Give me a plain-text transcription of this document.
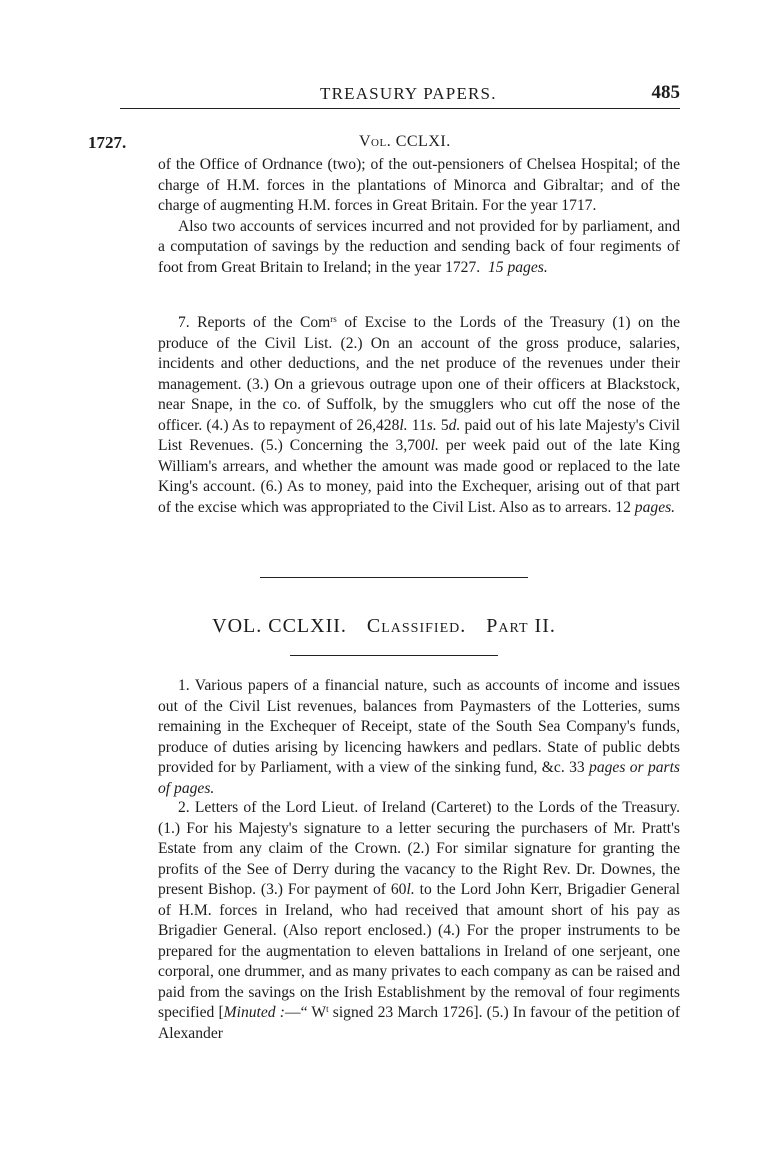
TREASURY PAPERS.	485
1727.	Vol. CCLXI.

of the Office of Ordnance (two); of the out-pensioners of Chelsea Hospital; of the charge of H.M. forces in the plantations of Minorca and Gibraltar; and of the charge of augmenting H.M. forces in Great Britain. For the year 1717.

Also two accounts of services incurred and not provided for by parliament, and a computation of savings by the reduction and sending back of four regiments of foot from Great Britain to Ireland; in the year 1727. 15 pages.

7. Reports of the Com$^{rs}$ of Excise to the Lords of the Treasury (1) on the produce of the Civil List. (2.) On an account of the gross produce, salaries, incidents and other deductions, and the net produce of the revenues under their management. (3.) On a grievous outrage upon one of their officers at Blackstock, near Snape, in the co. of Suffolk, by the smugglers who cut off the nose of the officer. (4.) As to repayment of 26,428l. 11s. 5d. paid out of his late Majesty's Civil List Revenues. (5.) Concerning the 3,700l. per week paid out of the late King William's arrears, and whether the amount was made good or replaced to the late King's account. (6.) As to money, paid into the Exchequer, arising out of that part of the excise which was appropriated to the Civil List. Also as to arrears. 12 pages.

VOL. CCLXII. Classified. Part II.

1. Various papers of a financial nature, such as accounts of income and issues out of the Civil List revenues, balances from Paymasters of the Lotteries, sums remaining in the Exchequer of Receipt, state of the South Sea Company's funds, produce of duties arising by licencing hawkers and pedlars. State of public debts provided for by Parliament, with a view of the sinking fund, &c. 33 pages or parts of pages.

2. Letters of the Lord Lieut. of Ireland (Carteret) to the Lords of the Treasury. (1.) For his Majesty's signature to a letter securing the purchasers of Mr. Pratt's Estate from any claim of the Crown. (2.) For similar signature for granting the profits of the See of Derry during the vacancy to the Right Rev. Dr. Downes, the present Bishop. (3.) For payment of 60l. to the Lord John Kerr, Brigadier General of H.M. forces in Ireland, who had received that amount short of his pay as Brigadier General. (Also report enclosed.) (4.) For the proper instruments to be prepared for the augmentation to eleven battalions in Ireland of one serjeant, one corporal, one drummer, and as many privates to each company as can be raised and paid from the savings on the Irish Establishment by the removal of four regiments specified [Minuted :—“ $W^t$ signed 23 March 1726]. (5.) In favour of the petition of Alexander
